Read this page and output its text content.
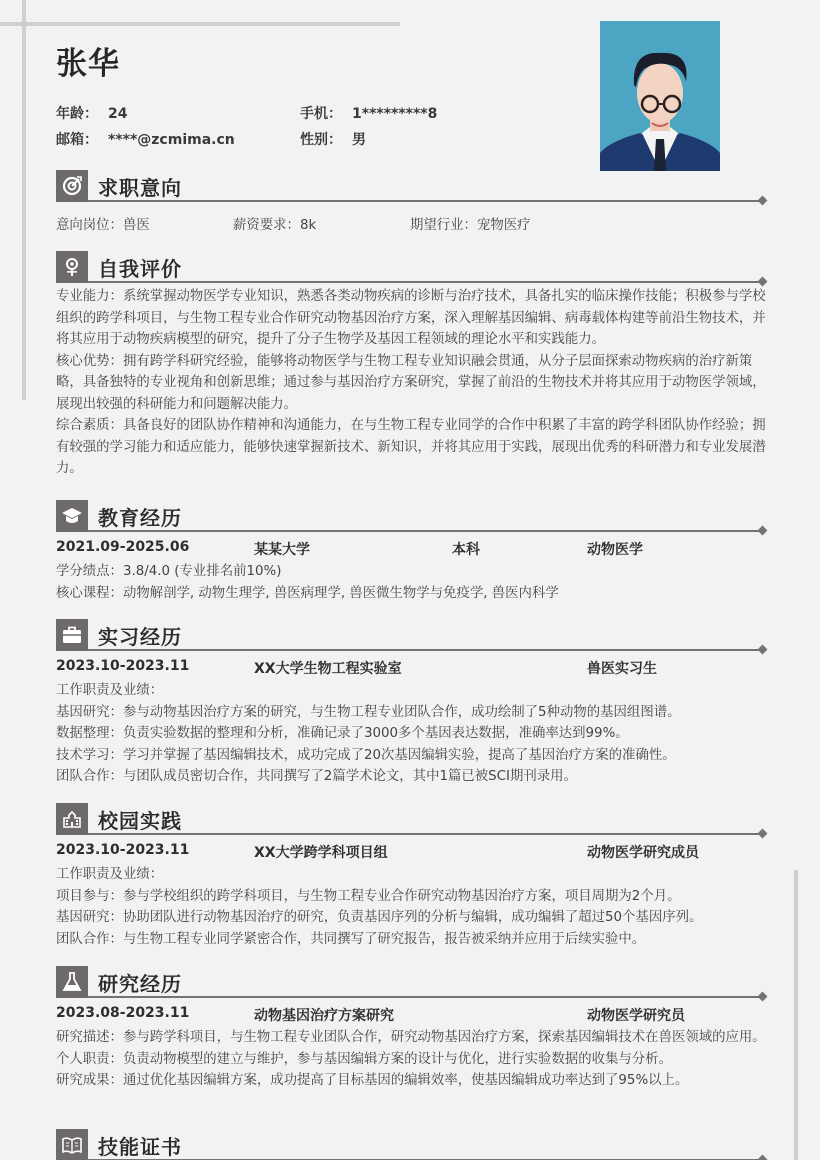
张华
年龄： 24	手机： 1*********8
邮箱： ****@zcmima.cn	性别： 男
求职意向
意向岗位：兽医	薪资要求：8k	期望行业：宠物医疗
自我评价

专业能力：系统掌握动物医学专业知识，熟悉各类动物疾病的诊断与治疗技术，具备扎实的临床操作技能；积极参与学校组织的跨学科项目，与生物工程专业合作研究动物基因治疗方案，深入理解基因编辑、病毒载体构建等前沿生物技术，并将其应用于动物疾病模型的研究，提升了分子生物学及基因工程领域的理论水平和实践能力。

核心优势：拥有跨学科研究经验，能够将动物医学与生物工程专业知识融会贯通，从分子层面探索动物疾病的治疗新策略，具备独特的专业视角和创新思维；通过参与基因治疗方案研究，掌握了前沿的生物技术并将其应用于动物医学领域，展现出较强的科研能力和问题解决能力。

综合素质：具备良好的团队协作精神和沟通能力，在与生物工程专业同学的合作中积累了丰富的跨学科团队协作经验；拥有较强的学习能力和适应能力，能够快速掌握新技术、新知识，并将其应用于实践，展现出优秀的科研潜力和专业发展潜力。

教育经历
2021.09-2025.06	某某大学	本科	动物医学

学分绩点：3.8/4.0 (专业排名前10%)

核心课程：动物解剖学, 动物生理学, 兽医病理学, 兽医微生物学与免疫学, 兽医内科学

实习经历
2023.10-2023.11	XX大学生物工程实验室	兽医实习生

工作职责及业绩：

基因研究：参与动物基因治疗方案的研究，与生物工程专业团队合作，成功绘制了5种动物的基因组图谱。

数据整理：负责实验数据的整理和分析，准确记录了3000多个基因表达数据，准确率达到99%。

技术学习：学习并掌握了基因编辑技术，成功完成了20次基因编辑实验，提高了基因治疗方案的准确性。

团队合作：与团队成员密切合作，共同撰写了2篇学术论文，其中1篇已被SCI期刊录用。

校园实践
2023.10-2023.11	XX大学跨学科项目组	动物医学研究成员

工作职责及业绩：

项目参与：参与学校组织的跨学科项目，与生物工程专业合作研究动物基因治疗方案，项目周期为2个月。

基因研究：协助团队进行动物基因治疗的研究，负责基因序列的分析与编辑，成功编辑了超过50个基因序列。

团队合作：与生物工程专业同学紧密合作，共同撰写了研究报告，报告被采纳并应用于后续实验中。

研究经历
2023.08-2023.11	动物基因治疗方案研究	动物医学研究员

研究描述：参与跨学科项目，与生物工程专业团队合作，研究动物基因治疗方案，探索基因编辑技术在兽医领域的应用。

个人职责：负责动物模型的建立与维护，参与基因编辑方案的设计与优化，进行实验数据的收集与分析。

研究成果：通过优化基因编辑方案，成功提高了目标基因的编辑效率，使基因编辑成功率达到了95%以上。

技能证书
